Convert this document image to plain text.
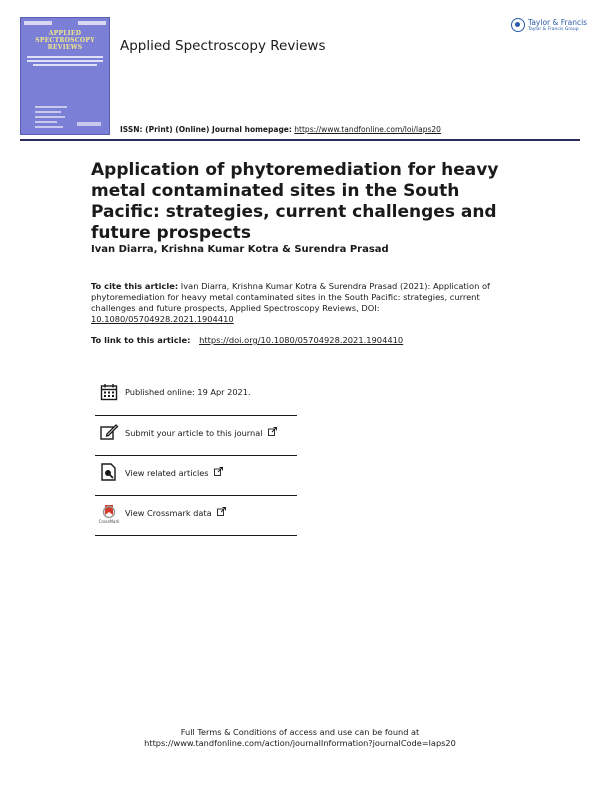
APPLIED SPECTROSCOPY REVIEWS	Applied Spectroscopy Reviews
Taylor & Francis
Taylor & Francis Group
ISSN: (Print) (Online) Journal homepage: https://www.tandfonline.com/loi/laps20
Application of phytoremediation for heavy metal contaminated sites in the South Pacific: strategies, current challenges and future prospects
Ivan Diarra, Krishna Kumar Kotra & Surendra Prasad
To cite this article: Ivan Diarra, Krishna Kumar Kotra & Surendra Prasad (2021): Application of phytoremediation for heavy metal contaminated sites in the South Pacific: strategies, current challenges and future prospects, Applied Spectroscopy Reviews, DOI: 10.1080/05704928.2021.1904410
To link to this article: https://doi.org/10.1080/05704928.2021.1904410
Published online: 19 Apr 2021.
Submit your article to this journal
View related articles
CrossMark
View Crossmark data
Full Terms & Conditions of access and use can be found at
https://www.tandfonline.com/action/journalInformation?journalCode=laps20
